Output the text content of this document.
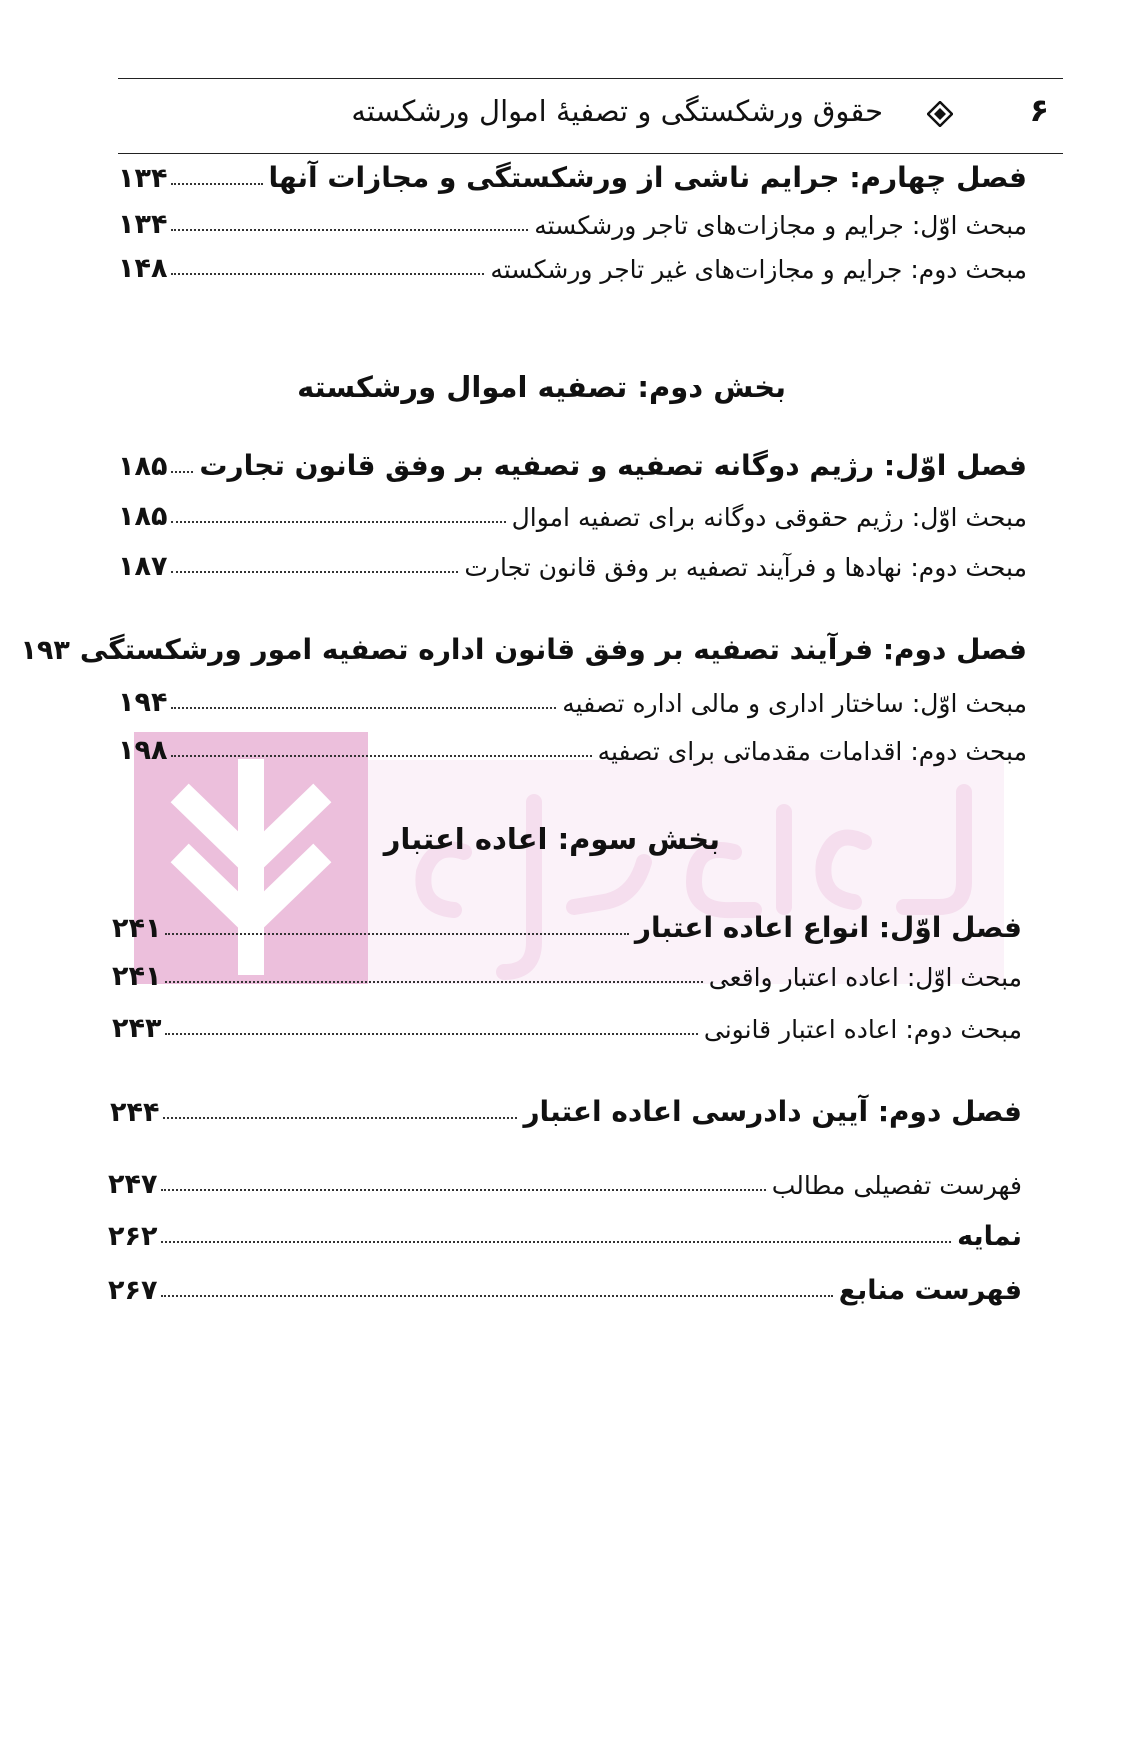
۶
حقوق ورشکستگی و تصفیهٔ اموال ورشکسته
فصل چهارم: جرایم ناشی از ورشکستگی و مجازات آنها
۱۳۴
مبحث اوّل: جرایم و مجازات‌های تاجر ورشکسته
۱۳۴
مبحث دوم: جرایم و مجازات‌های غیر تاجر ورشکسته
۱۴۸
بخش دوم: تصفیه اموال ورشکسته
فصل اوّل: رژیم دوگانه تصفیه و تصفیه بر وفق قانون تجارت
۱۸۵
مبحث اوّل: رژیم حقوقی دوگانه برای تصفیه اموال
۱۸۵
مبحث دوم: نهادها و فرآیند تصفیه بر وفق قانون تجارت
۱۸۷
فصل دوم: فرآیند تصفیه بر وفق قانون اداره تصفیه امور ورشکستگی
۱۹۳
مبحث اوّل: ساختار اداری و مالی اداره تصفیه
۱۹۴
مبحث دوم: اقدامات مقدماتی برای تصفیه
۱۹۸
بخش سوم: اعاده اعتبار
فصل اوّل: انواع اعاده اعتبار
۲۴۱
مبحث اوّل: اعاده اعتبار واقعی
۲۴۱
مبحث دوم: اعاده اعتبار قانونی
۲۴۳
فصل دوم: آیین دادرسی اعاده اعتبار
۲۴۴
فهرست تفصیلی مطالب
۲۴۷
نمایه
۲۶۲
فهرست منابع
۲۶۷
